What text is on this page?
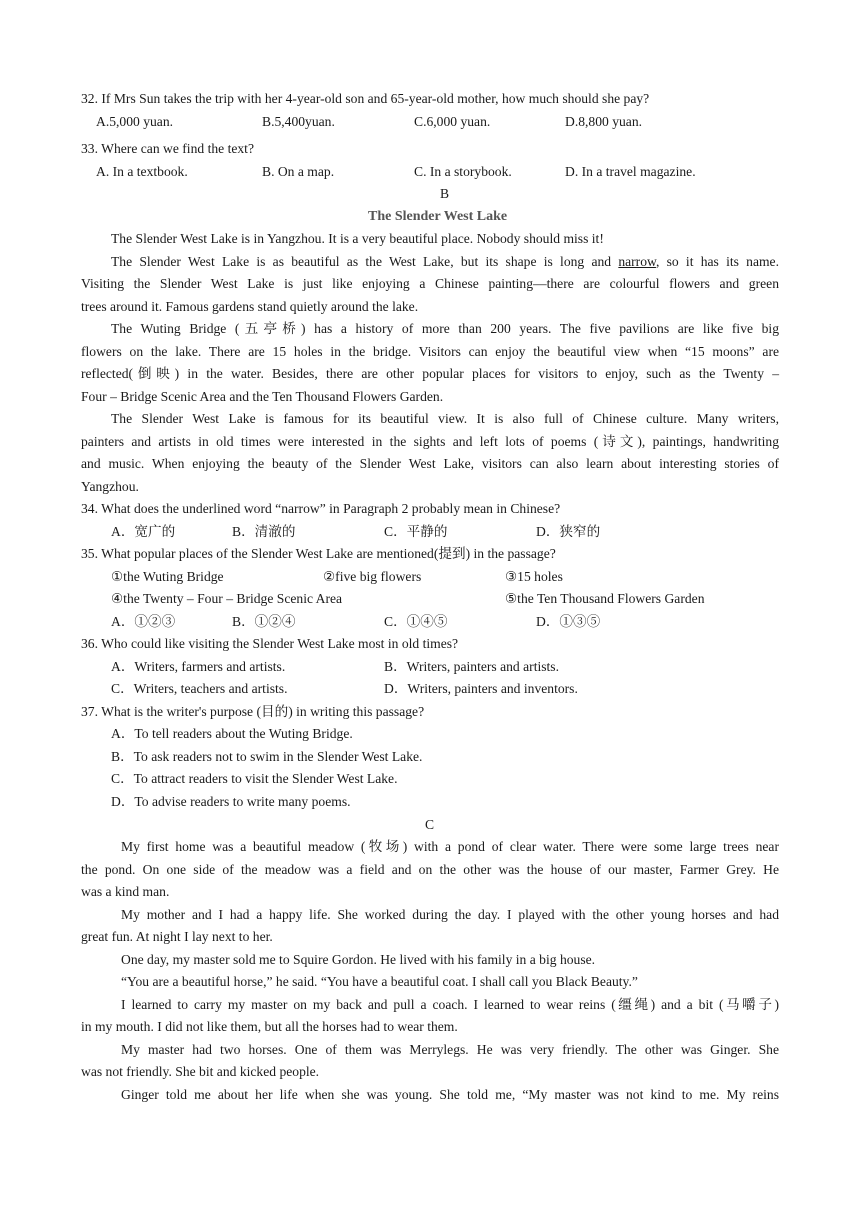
32. If Mrs Sun takes the trip with her 4-year-old son and 65-year-old mother, how much should she pay?
A.5,000 yuan.	B.5,400yuan.	C.6,000 yuan.	D.8,800 yuan.
33. Where can we find the text?
A. In a textbook.	B. On a map.	C. In a storybook.	D. In a travel magazine.
B
The Slender West Lake
The Slender West Lake is in Yangzhou. It is a very beautiful place. Nobody should miss it!
The Slender West Lake is as beautiful as the West Lake, but its shape is long and narrow, so it has its name.
Visiting the Slender West Lake is just like enjoying a Chinese painting—there are colourful flowers and green
trees around it. Famous gardens stand quietly around the lake.
The Wuting Bridge (五亭桥) has a history of more than 200 years. The five pavilions are like five big
flowers on the lake. There are 15 holes in the bridge. Visitors can enjoy the beautiful view when “15 moons” are
reflected(倒映) in the water. Besides, there are other popular places for visitors to enjoy, such as the Twenty –
Four – Bridge Scenic Area and the Ten Thousand Flowers Garden.
The Slender West Lake is famous for its beautiful view. It is also full of Chinese culture. Many writers,
painters and artists in old times were interested in the sights and left lots of poems (诗文), paintings, handwriting
and music. When enjoying the beauty of the Slender West Lake, visitors can also learn about interesting stories of
Yangzhou.
34. What does the underlined word “narrow” in Paragraph 2 probably mean in Chinese?
A．宽广的	B．清澈的	C．平静的	D．狭窄的
35. What popular places of the Slender West Lake are mentioned(提到) in the passage?
①the Wuting Bridge	②five big flowers	③15 holes
④the Twenty – Four – Bridge Scenic Area	⑤the Ten Thousand Flowers Garden
A．①②③	B．①②④	C．①④⑤	D．①③⑤
36. Who could like visiting the Slender West Lake most in old times?
A．Writers, farmers and artists.	B．Writers, painters and artists.
C．Writers, teachers and artists.	D．Writers, painters and inventors.
37. What is the writer's purpose (目的) in writing this passage?
A．To tell readers about the Wuting Bridge.
B．To ask readers not to swim in the Slender West Lake.
C．To attract readers to visit the Slender West Lake.
D．To advise readers to write many poems.
C
My first home was a beautiful meadow (牧场) with a pond of clear water. There were some large trees near
the pond. On one side of the meadow was a field and on the other was the house of our master, Farmer Grey. He
was a kind man.
My mother and I had a happy life. She worked during the day. I played with the other young horses and had
great fun. At night I lay next to her.
One day, my master sold me to Squire Gordon. He lived with his family in a big house.
“You are a beautiful horse,” he said. “You have a beautiful coat. I shall call you Black Beauty.”
I learned to carry my master on my back and pull a coach. I learned to wear reins (缰绳) and a bit (马嚼子)
in my mouth. I did not like them, but all the horses had to wear them.
My master had two horses. One of them was Merrylegs. He was very friendly. The other was Ginger. She
was not friendly. She bit and kicked people.
Ginger told me about her life when she was young. She told me, “My master was not kind to me. My reins
